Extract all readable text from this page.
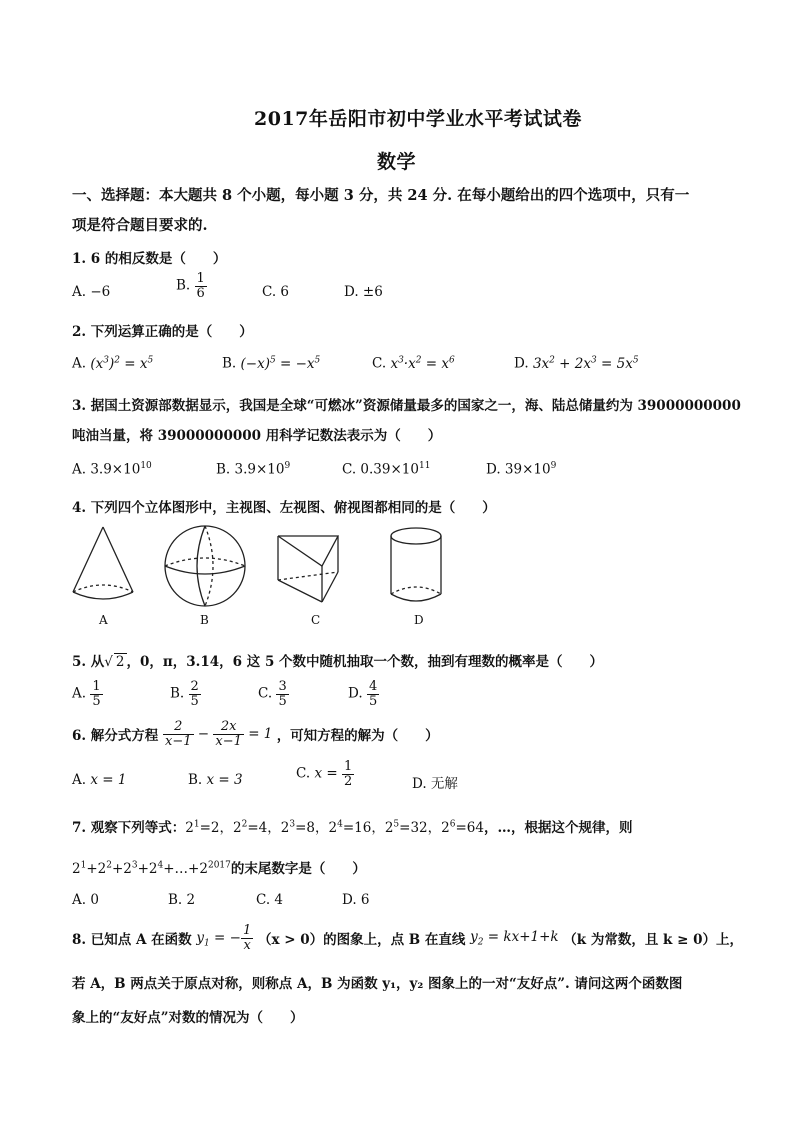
2017年岳阳市初中学业水平考试试卷
数学
一、选择题：本大题共 8 个小题，每小题 3 分，共 24 分. 在每小题给出的四个选项中，只有一
项是符合题目要求的.
1. 6 的相反数是（　　）
A. −6	B. $\frac{1}{6}$	C. 6	D. ±6
2. 下列运算正确的是（　　）
A. $(x^3)^2 = x^5$	B. $(-x)^5 = -x^5$	C. $x^3\cdot x^2 = x^6$	D. $3x^2 + 2x^3 = 5x^5$
3. 据国土资源部数据显示，我国是全球“可燃冰”资源储量最多的国家之一，海、陆总储量约为 39000000000
吨油当量，将 39000000000 用科学记数法表示为（　　）
A. $3.9\times 10^{10}$	B. $3.9\times 10^9$	C. $0.39\times 10^{11}$	D. $39\times 10^9$
4. 下列四个立体图形中，主视图、左视图、俯视图都相同的是（　　）
A	B	C	D
5. 从√ 2 ，0，π，3.14，6 这 5 个数中随机抽取一个数，抽到有理数的概率是（　　）
A. $\frac{1}{5}$	B. $\frac{2}{5}$	C. $\frac{3}{5}$	D. $\frac{4}{5}$
6. 解分式方程 $\frac{2}{x-1} - \frac{2x}{x-1} = 1$ ，可知方程的解为（　　）
A. x = 1	B. x = 3	C. $x = \frac{1}{2}$	D. 无解
7. 观察下列等式：$2^1=2$，$2^2=4$，$2^3=8$，$2^4=16$，$2^5=32$，$2^6=64$，…，根据这个规律，则
$2^1+2^2+2^3+2^4+\dots+2^{2017}$的末尾数字是（　　）
A. 0	B. 2	C. 4	D. 6
8. 已知点 A 在函数 $y_1$ = − $\frac{1}{x} (x > 0)$的图象上，点 B 在直线 $y_2 = kx+1+k$ （k 为常数，且 k ≥ 0）上，
若 A，B 两点关于原点对称，则称点 A，B 为函数 y₁，y₂ 图象上的一对“友好点”. 请问这两个函数图
象上的“友好点”对数的情况为（　　）
